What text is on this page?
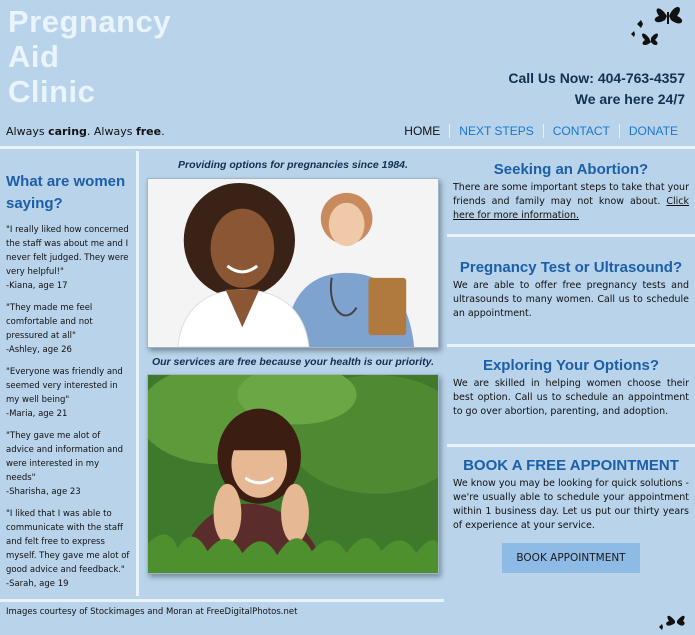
Pregnancy
Aid
Clinic	Call Us Now: 404-763-4357
We are here 24/7
Always caring. Always free.	HOME	NEXT STEPS	CONTACT	DONATE
What are women saying?
"I really liked how concerned the staff was about me and I never felt judged. They were very helpful!"
-Kiana, age 17
"They made me feel comfortable and not pressured at all"
-Ashley, age 26
"Everyone was friendly and seemed very interested in my well being"
-Maria, age 21
"They gave me alot of advice and information and were interested in my needs"
-Sharisha, age 23
"I liked that I was able to communicate with the staff and felt free to express myself. They gave me alot of good advice and feedback."
-Sarah, age 19
Providing options for pregnancies since 1984.
Our services are free because your health is our priority.
Seeking an Abortion?

There are some important steps to take that your friends and family may not know about. Click here for more information.

Pregnancy Test or Ultrasound?

We are able to offer free pregnancy tests and ultrasounds to many women. Call us to schedule an appointment.

Exploring Your Options?

We are skilled in helping women choose their best option. Call us to schedule an appointment to go over abortion, parenting, and adoption.

BOOK A FREE APPOINTMENT

We know you may be looking for quick solutions - we're usually able to schedule your appointment within 1 business day. Let us put our thirty years of experience at your service.

BOOK APPOINTMENT
Images courtesy of Stockimages and Moran at FreeDigitalPhotos.net
